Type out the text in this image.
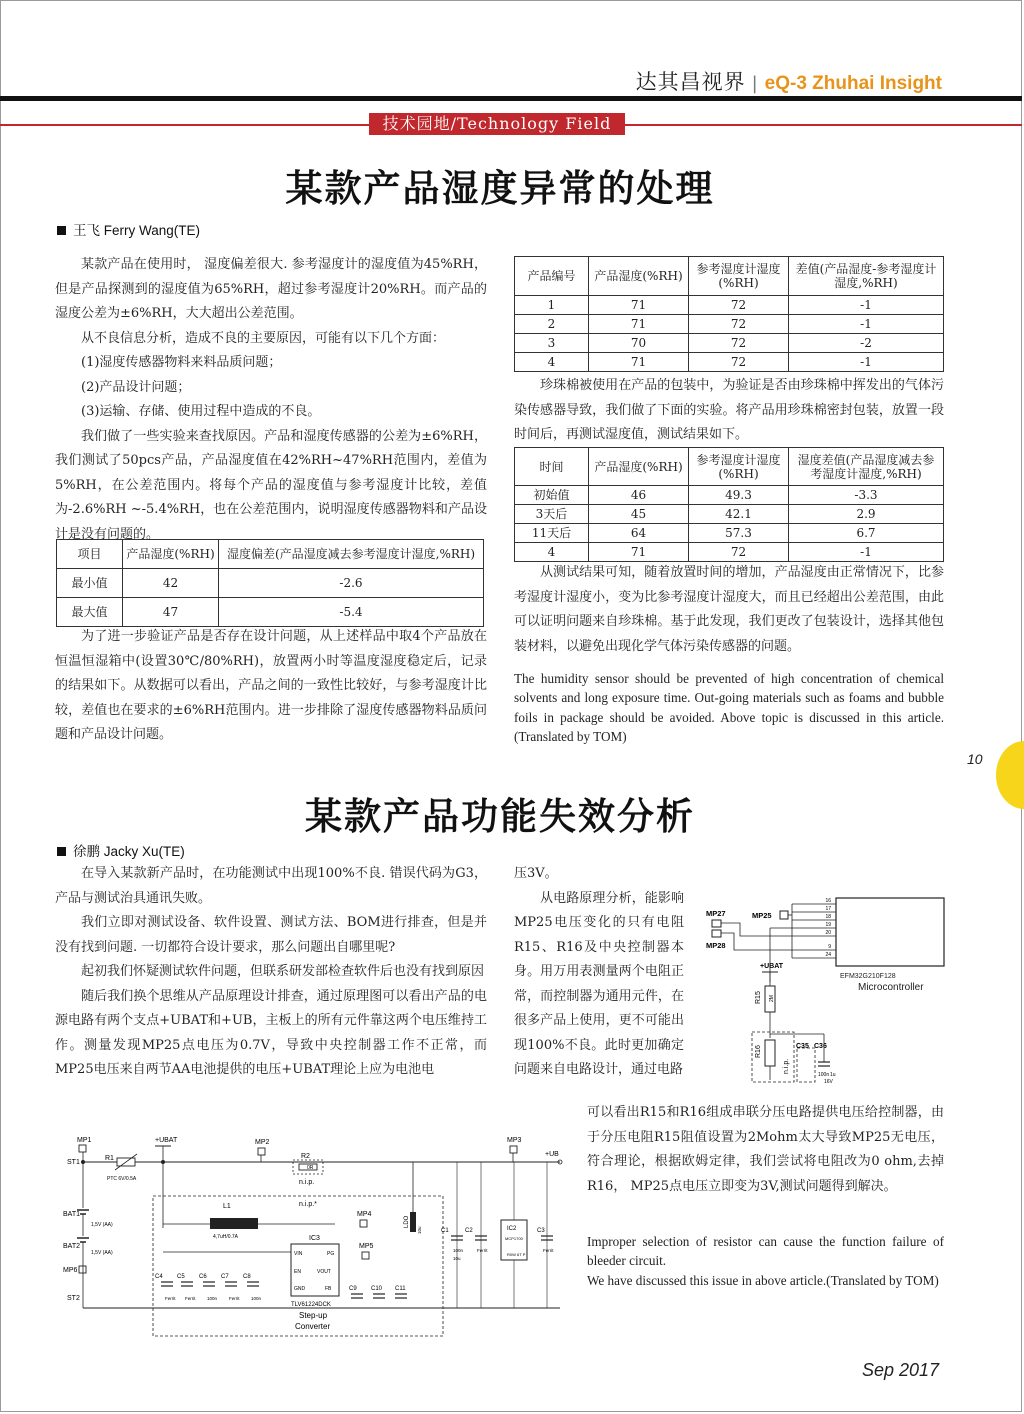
达其昌视界 | eQ-3 Zhuhai Insight
技术园地/Technology Field
某款产品湿度异常的处理
王飞 Ferry Wang(TE)

某款产品在使用时， 湿度偏差很大. 参考湿度计的湿度值为45%RH，但是产品探测到的湿度值为65%RH，超过参考湿度计20%RH。而产品的湿度公差为±6%RH，大大超出公差范围。

从不良信息分析，造成不良的主要原因，可能有以下几个方面：

(1)湿度传感器物料来料品质问题；

(2)产品设计问题；

(3)运输、存储、使用过程中造成的不良。

我们做了一些实验来查找原因。产品和湿度传感器的公差为±6%RH，我们测试了50pcs产品，产品湿度值在42%RH~47%RH范围内，差值为5%RH，在公差范围内。将每个产品的湿度值与参考湿度计比较，差值为-2.6%RH ~-5.4%RH，也在公差范围内，说明湿度传感器物料和产品设计是没有问题的。

项目	产品湿度(%RH)	湿度偏差(产品湿度减去参考湿度计湿度,%RH)
最小值	42	-2.6
最大值	47	-5.4

为了进一步验证产品是否存在设计问题，从上述样品中取4个产品放在恒温恒湿箱中(设置30℃/80%RH)，放置两小时等温度湿度稳定后，记录的结果如下。从数据可以看出，产品之间的一致性比较好，与参考湿度计比较，差值也在要求的±6%RH范围内。进一步排除了湿度传感器物料品质问题和产品设计问题。

产品编号	产品湿度(%RH)	参考湿度计湿度(%RH)	差值(产品湿度-参考湿度计湿度,%RH)
1	71	72	-1
2	71	72	-1
3	70	72	-2
4	71	72	-1

珍珠棉被使用在产品的包装中，为验证是否由珍珠棉中挥发出的气体污染传感器导致，我们做了下面的实验。将产品用珍珠棉密封包装，放置一段时间后，再测试湿度值，测试结果如下。

时间	产品湿度(%RH)	参考湿度计湿度(%RH)	湿度差值(产品湿度减去参考湿度计湿度,%RH)
初始值	46	49.3	-3.3
3天后	45	42.1	2.9
11天后	64	57.3	6.7
4	71	72	-1

从测试结果可知，随着放置时间的增加，产品湿度由正常情况下，比参考湿度计湿度小，变为比参考湿度计湿度大，而且已经超出公差范围，由此可以证明问题来自珍珠棉。基于此发现，我们更改了包装设计，选择其他包装材料，以避免出现化学气体污染传感器的问题。

The humidity sensor should be prevented of high concentration of chemical solvents and long exposure time. Out-going materials such as foams and bubble foils in package should be avoided. Above topic is discussed in this article. (Translated by TOM)
10
某款产品功能失效分析
徐鹏 Jacky Xu(TE)

在导入某款新产品时，在功能测试中出现100%不良. 错误代码为G3，产品与测试治具通讯失败。

我们立即对测试设备、软件设置、测试方法、BOM进行排查，但是并没有找到问题. 一切都符合设计要求，那么问题出自哪里呢?

起初我们怀疑测试软件问题，但联系研发部检查软件后也没有找到原因

随后我们换个思维从产品原理设计排查，通过原理图可以看出产品的电源电路有两个支点+UBAT和+UB，主板上的所有元件靠这两个电压维持工作。测量发现MP25点电压为0.7V，导致中央控制器工作不正常，而MP25电压来自两节AA电池提供的电压+UBAT理论上应为电池电

压3V。

从电路原理分析，能影响MP25电压变化的只有电阻R15、R16及中央控制器本身。用万用表测量两个电阻正常，而控制器为通用元件，在很多产品上使用，更不可能出现100%不良。此时更加确定问题来自电路设计，通过电路

可以看出R15和R16组成串联分压电路提供电压给控制器，由于分压电阻R15阻值设置为2Mohm太大导致MP25无电压，符合理论，根据欧姆定律，我们尝试将电阻改为0 ohm,去掉R16， MP25点电压立即变为3V,测试问题得到解决。

Improper selection of resistor can cause the function failure of bleeder circuit.
We have discussed this issue in above article.(Translated by TOM)
EFM32G210F128
Microcontroller
16
17
18
19
20
9
24
MP27
MP28
MP25
+UBAT
R15 2M
R16
n.i.p.
C35 C36
100n 1u
16V
MP1
ST1
R1
PTC 6V/0.5A
+UBAT	MP2
R2
0R
n.i.p.
MP3
+UB
BAT1
1,5V (AA)
BAT2
1,5V (AA)
MP6
ST2
L1
4,7uH/0.7A
n.i.p.*
MP4
IC3
VIN
EN
PG
GND
VOUT
FB
MP5
TLV61224DCK
Step-up
Converter
C4 C5 C6 C7 C8
Ferrit Ferrit	100n	Ferrit	100n
C9 C10 C11
LDO
10u	C1	C2	C3
IC2
MCP1700
R0W 6T P
100n	Ferrit	Ferrit
10u
Sep 2017
